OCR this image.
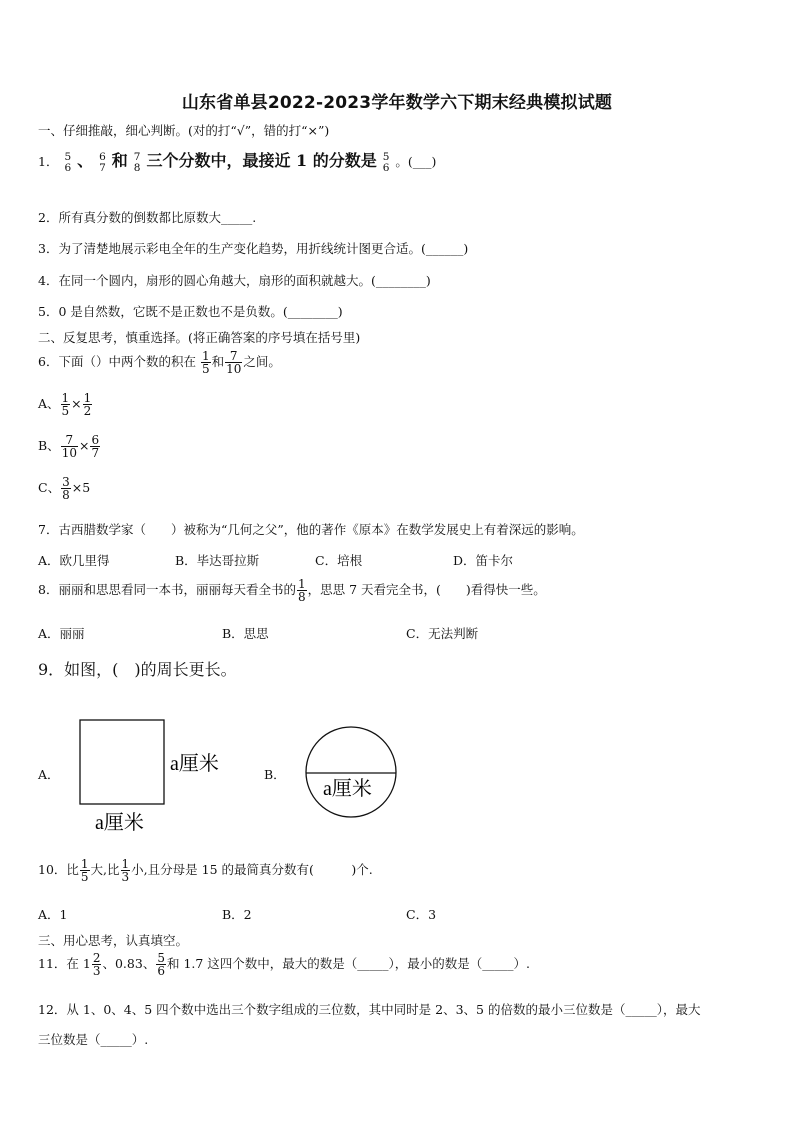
山东省单县2022-2023学年数学六下期末经典模拟试题
一、仔细推敲，细心判断。(对的打“√”，错的打“×”)
1． 5
6 、 6
7 和 7
8 三个分数中，最接近 1 的分数是 5
6 。(___)
2．所有真分数的倒数都比原数大_____.
3．为了清楚地展示彩电全年的生产变化趋势，用折线统计图更合适。(______)
4．在同一个圆内，扇形的圆心角越大，扇形的面积就越大。(________)
5．0 是自然数，它既不是正数也不是负数。(________)
二、反复思考，慎重选择。(将正确答案的序号填在括号里)
6．下面（）中两个数的积在 $\frac{1}{5}$ 和 $\frac{7}{10}$ 之间。
A、 $\frac{1}{5} \times \frac{1}{2}$
B、 $\frac{7}{10} \times \frac{6}{7}$
C、 $\frac{3}{8} \times 5$
7．古西腊数学家（　　）被称为“几何之父”，他的著作《原本》在数学发展史上有着深远的影响。
A．欧几里得	B．毕达哥拉斯	C．培根	D．笛卡尔
8．丽丽和思思看同一本书，丽丽每天看全书的 $\frac{1}{8}$ ，思思 7 天看完全书，(　　)看得快一些。
A．丽丽	B．思思	C．无法判断
9．如图，(　)的周长更长。
A．	B．
a厘米
a厘米
a厘米
10．比 $\frac{1}{5}$ 大,比 $\frac{1}{3}$ 小,且分母是 15 的最简真分数有(　　　)个.
A．1	B．2	C．3
三、用心思考，认真填空。
11．在 $1 \frac{2}{3}$ 、0.83、 $\frac{5}{6}$ 和 1.7 这四个数中，最大的数是（_____），最小的数是（_____）.
12．从 1、0、4、5 四个数中选出三个数字组成的三位数，其中同时是 2、3、5 的倍数的最小三位数是（_____），最大
三位数是（_____）.
